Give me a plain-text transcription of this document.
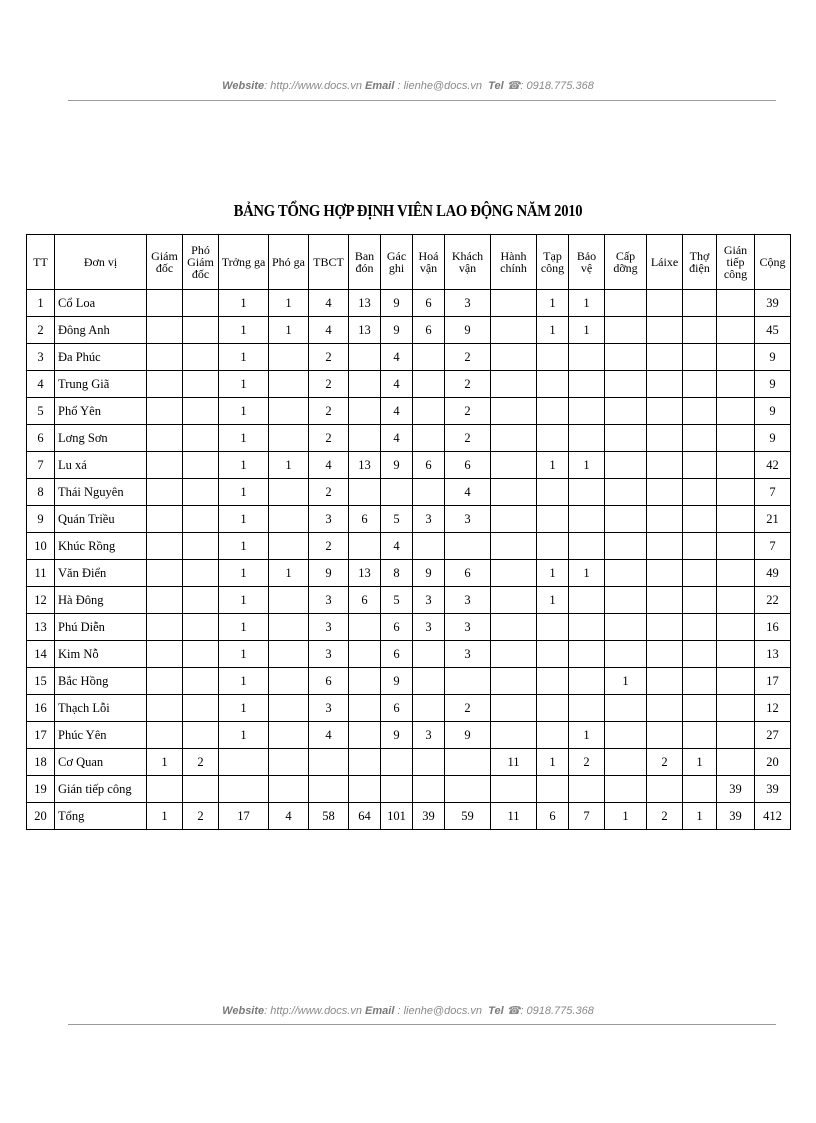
Website: http://www.docs.vn Email : lienhe@docs.vn Tel ☎: 0918.775.368
BẢNG TỔNG HỢP ĐỊNH VIÊN LAO ĐỘNG NĂM 2010
TT	Đơn vị	Giám đốc	Phó Giám đốc	Trởng ga	Phó ga	TBCT	Ban đón	Gác ghi	Hoá vận	Khách vận	Hành chính	Tạp công	Bảo vệ	Cấp dỡng	Láixe	Thợ điện	Gián tiếp công	Cộng
1	Cổ Loa			1	1	4	13	9	6	3		1	1					39
2	Đông Anh			1	1	4	13	9	6	9		1	1					45
3	Đa Phúc			1		2		4		2								9
4	Trung Giã			1		2		4		2								9
5	Phổ Yên			1		2		4		2								9
6	Lơng Sơn			1		2		4		2								9
7	Lu xá			1	1	4	13	9	6	6		1	1					42
8	Thái Nguyên			1		2				4								7
9	Quán Triều			1		3	6	5	3	3								21
10	Khúc Rồng			1		2		4										7
11	Văn Điển			1	1	9	13	8	9	6		1	1					49
12	Hà Đông			1		3	6	5	3	3		1						22
13	Phú Diễn			1		3		6	3	3								16
14	Kim Nỗ			1		3		6		3								13
15	Bắc Hồng			1		6		9						1				17
16	Thạch Lỗi			1		3		6		2								12
17	Phúc Yên			1		4		9	3	9			1					27
18	Cơ Quan	1	2								11	1	2		2	1		20
19	Gián tiếp công																39	39
20	Tổng	1	2	17	4	58	64	101	39	59	11	6	7	1	2	1	39	412
Website: http://www.docs.vn Email : lienhe@docs.vn Tel ☎: 0918.775.368
